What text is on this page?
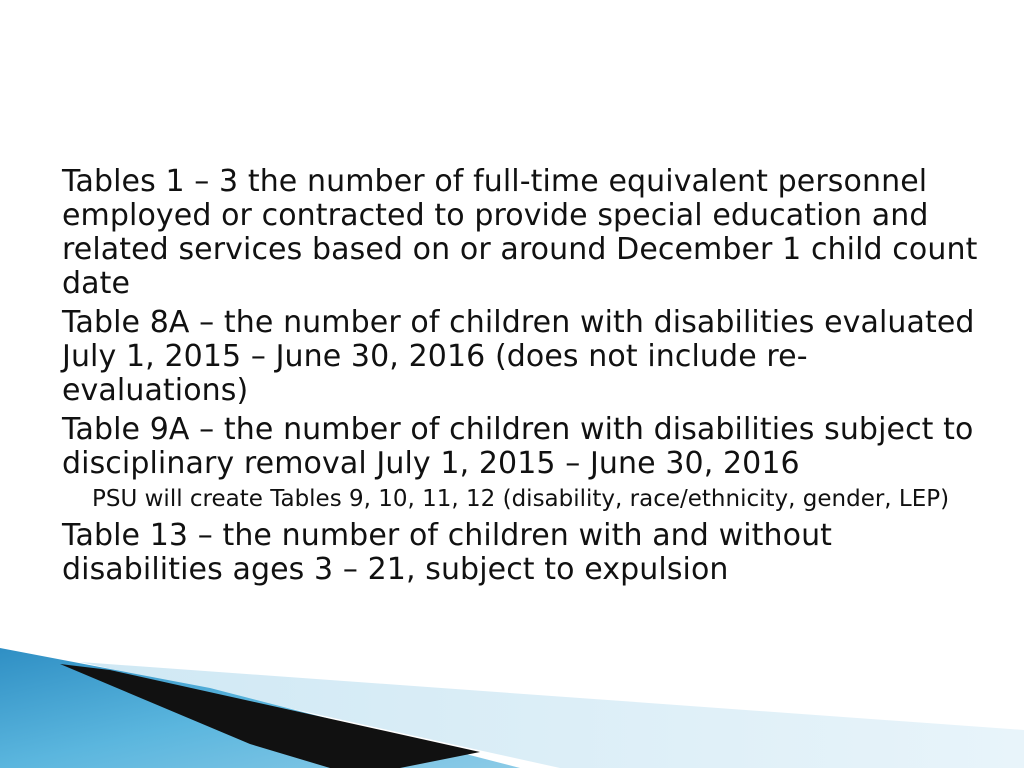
Tables 1 – 3 the number of full-time equivalent personnel employed or contracted to provide special education and related services based on or around December 1 child count date

Table 8A – the number of children with disabilities evaluated July 1, 2015 – June 30, 2016 (does not include re-evaluations)

Table 9A – the number of children with disabilities subject to disciplinary removal July 1, 2015 – June 30, 2016

PSU will create Tables 9, 10, 11, 12 (disability, race/ethnicity, gender, LEP)

Table 13 – the number of children with and without disabilities ages 3 – 21, subject to expulsion
